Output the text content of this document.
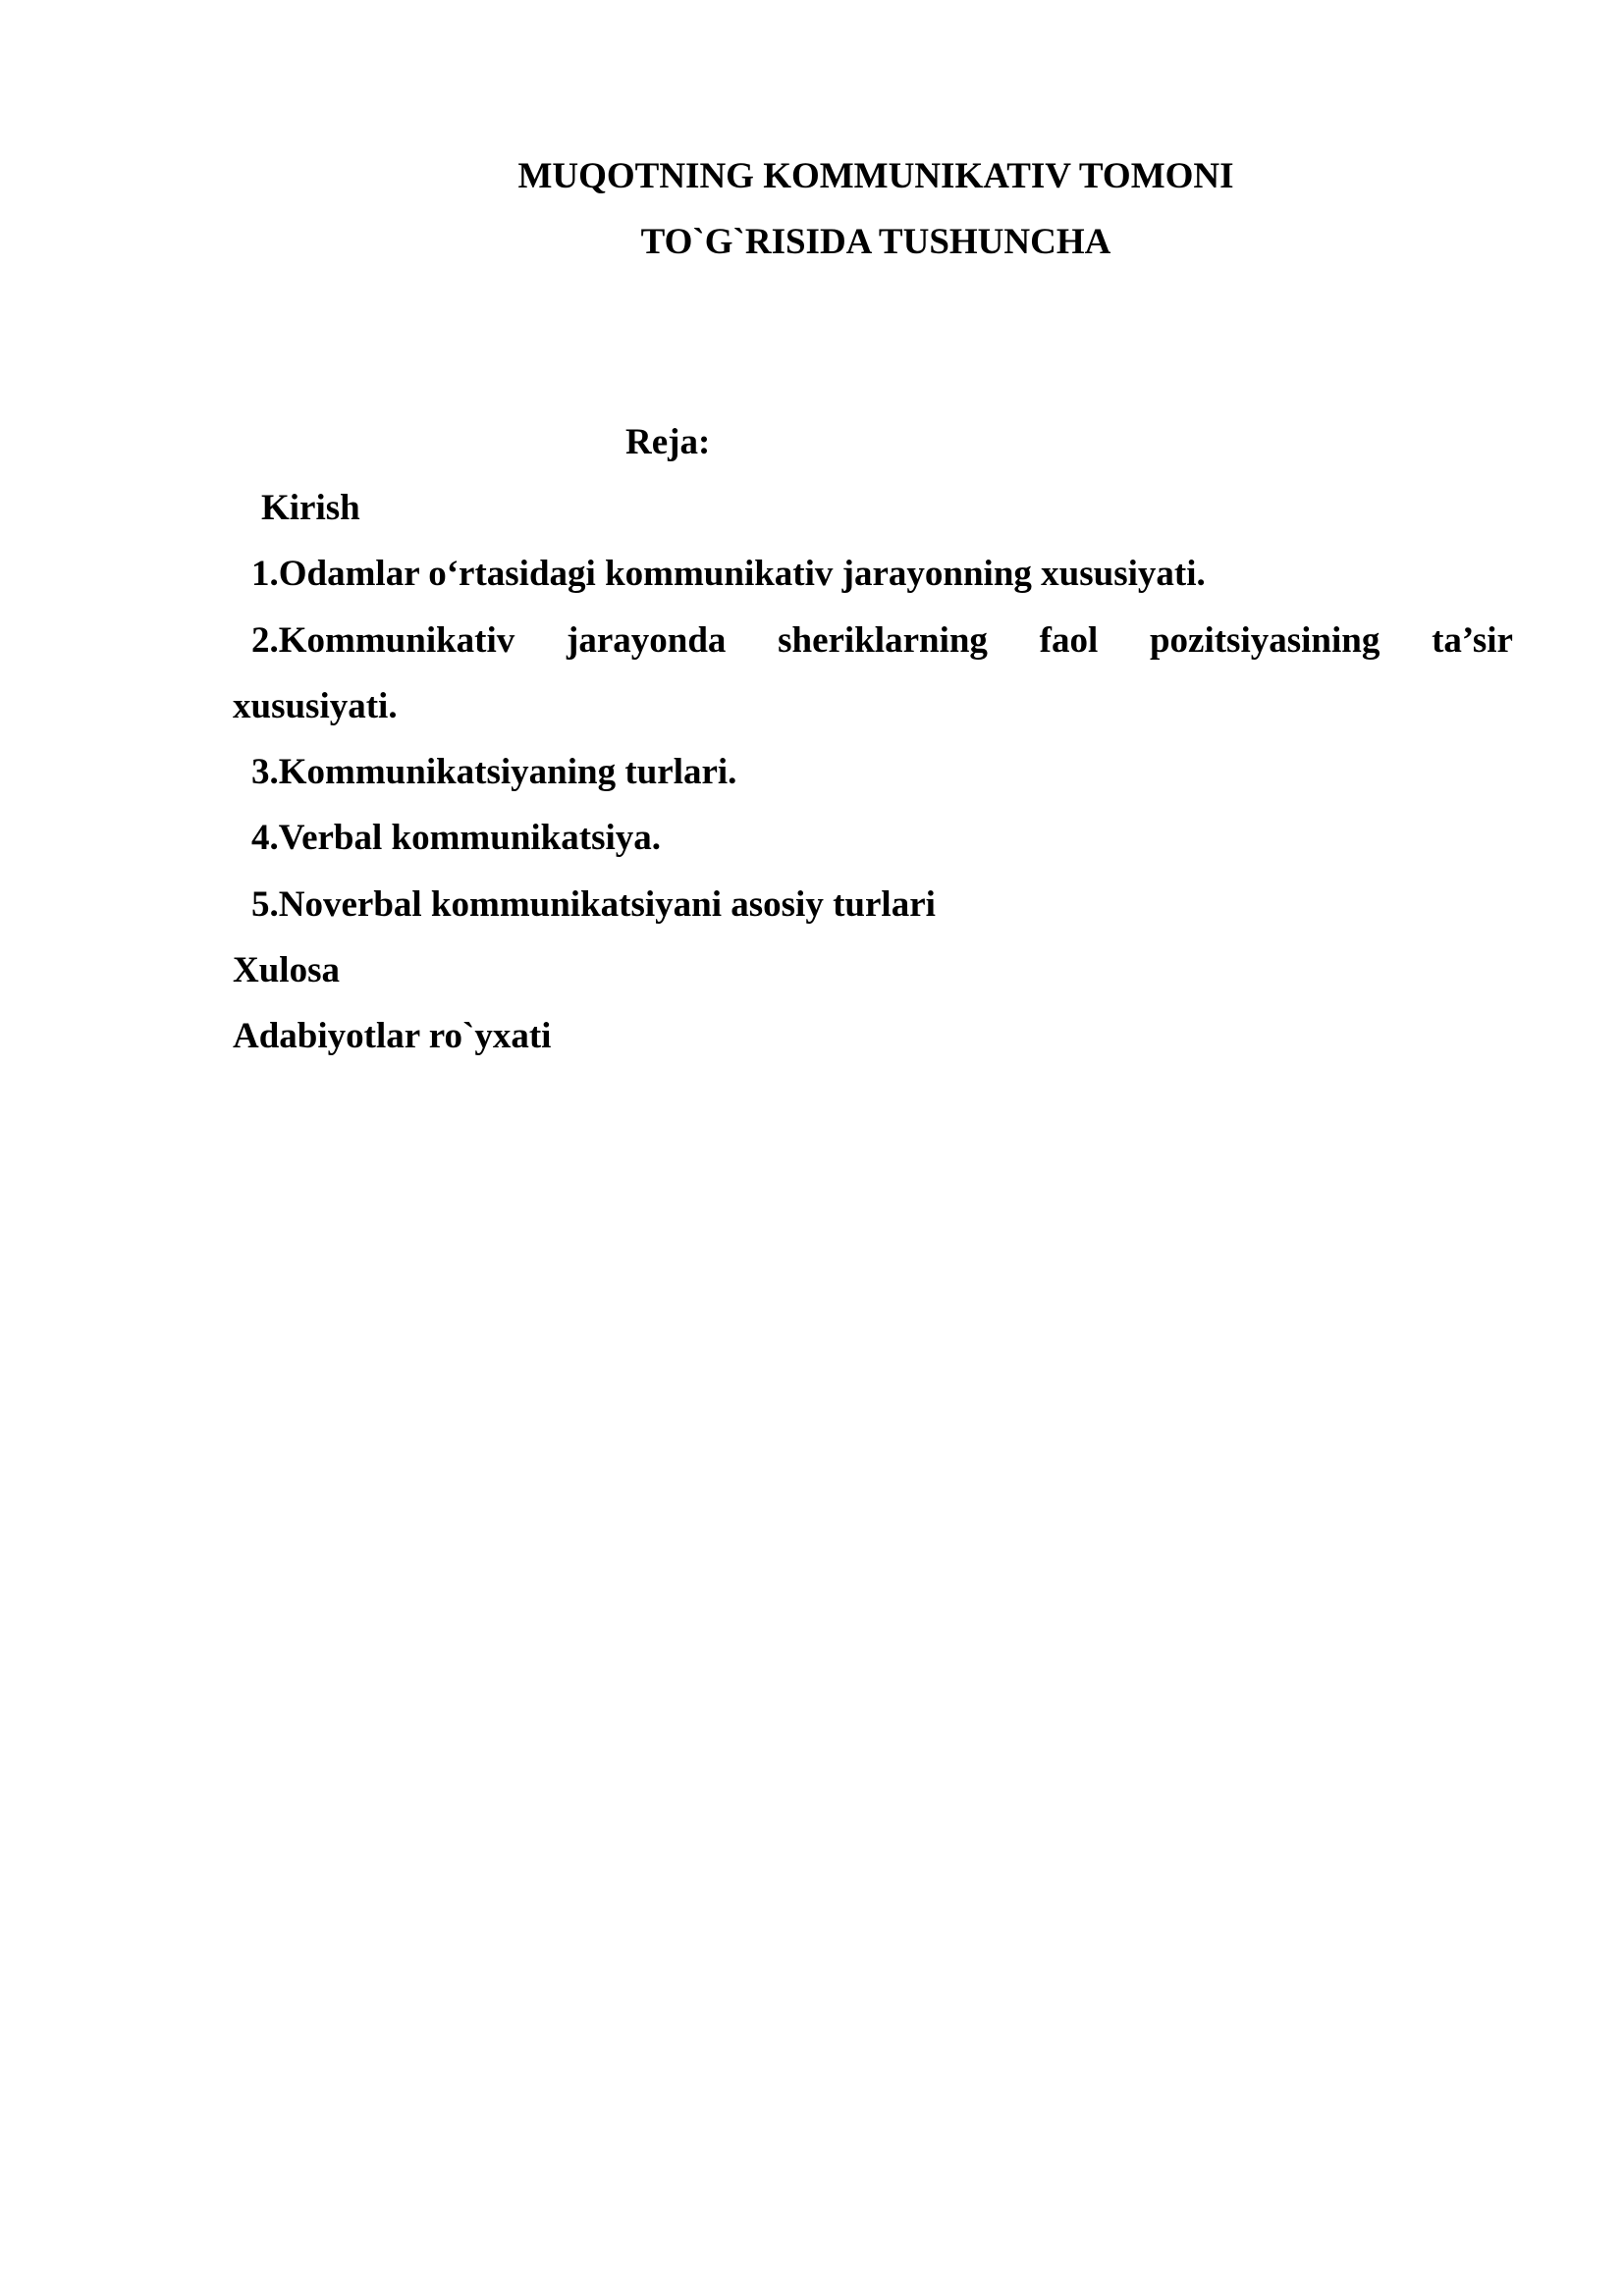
MUQOTNING KOMMUNIKATIV TOMONI
TO`G`RISIDA TUSHUNCHA
Reja:
Kirish
1.Odamlar o‘rtasidagi kommunikativ jarayonning xususiyati.
2.Kommunikativ jarayonda sheriklarning faol pozitsiyasining ta’sir
xususiyati.
3.Kommunikatsiyaning turlari.
4.Verbal kommunikatsiya.
5.Noverbal kommunikatsiyani asosiy turlari
Xulosa
Adabiyotlar ro`yxati
